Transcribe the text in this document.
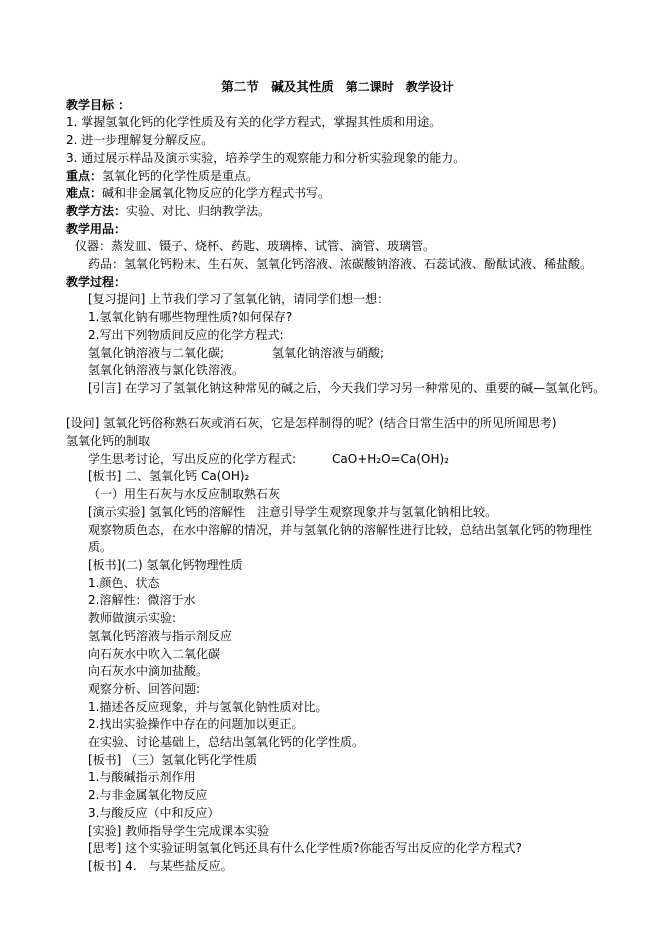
第二节　碱及其性质　第二课时　教学设计
教学目标 ：
1. 掌握氢氧化钙的化学性质及有关的化学方程式，掌握其性质和用途。
2. 进一步理解复分解反应。
3. 通过展示样品及演示实验，培养学生的观察能力和分析实验现象的能力。
重点：氢氧化钙的化学性质是重点。
难点：碱和非金属氧化物反应的化学方程式书写。
教学方法：实验、对比、归纳教学法。
教学用品：
仪器：蒸发皿、镊子、烧杯、药匙、玻璃棒、试管、滴管、玻璃管。
药品：氢氧化钙粉末、生石灰、氢氧化钙溶液、浓碳酸钠溶液、石蕊试液、酚酞试液、稀盐酸。
教学过程：
[复习提问] 上节我们学习了氢氧化钠，请同学们想一想：
1.氢氧化钠有哪些物理性质?如何保存?
2.写出下列物质间反应的化学方程式:
氢氧化钠溶液与二氧化碳;　　　　氢氧化钠溶液与硝酸;
氢氧化钠溶液与氯化铁溶液。
[引言] 在学习了氢氧化钠这种常见的碱之后，今天我们学习另一种常见的、重要的碱—氢氧化钙。

[设问] 氢氧化钙俗称熟石灰或消石灰，它是怎样制得的呢？(结合日常生活中的所见所闻思考)
氢氧化钙的制取
学生思考讨论，写出反应的化学方程式:　　　CaO+H₂O=Ca(OH)₂
[板书] 二、氢氧化钙 Ca(OH)₂
（一）用生石灰与水反应制取熟石灰
[演示实验] 氢氧化钙的溶解性　注意引导学生观察现象并与氢氧化钠相比较。
观察物质色态，在水中溶解的情况，并与氢氧化钠的溶解性进行比较，总结出氢氧化钙的物理性质。
[板书](二) 氢氧化钙物理性质
1.颜色、状态
2.溶解性：微溶于水
教师做演示实验:
氢氧化钙溶液与指示剂反应
向石灰水中吹入二氧化碳
向石灰水中滴加盐酸。
观察分析、回答问题:
1.描述各反应现象，并与氢氧化钠性质对比。
2.找出实验操作中存在的问题加以更正。
在实验、讨论基础上，总结出氢氧化钙的化学性质。
[板书] （三）氢氧化钙化学性质
1.与酸碱指示剂作用
2.与非金属氧化物反应
3.与酸反应（中和反应）
[实验] 教师指导学生完成课本实验
[思考] 这个实验证明氢氧化钙还具有什么化学性质?你能否写出反应的化学方程式?
[板书] 4.　与某些盐反应。
